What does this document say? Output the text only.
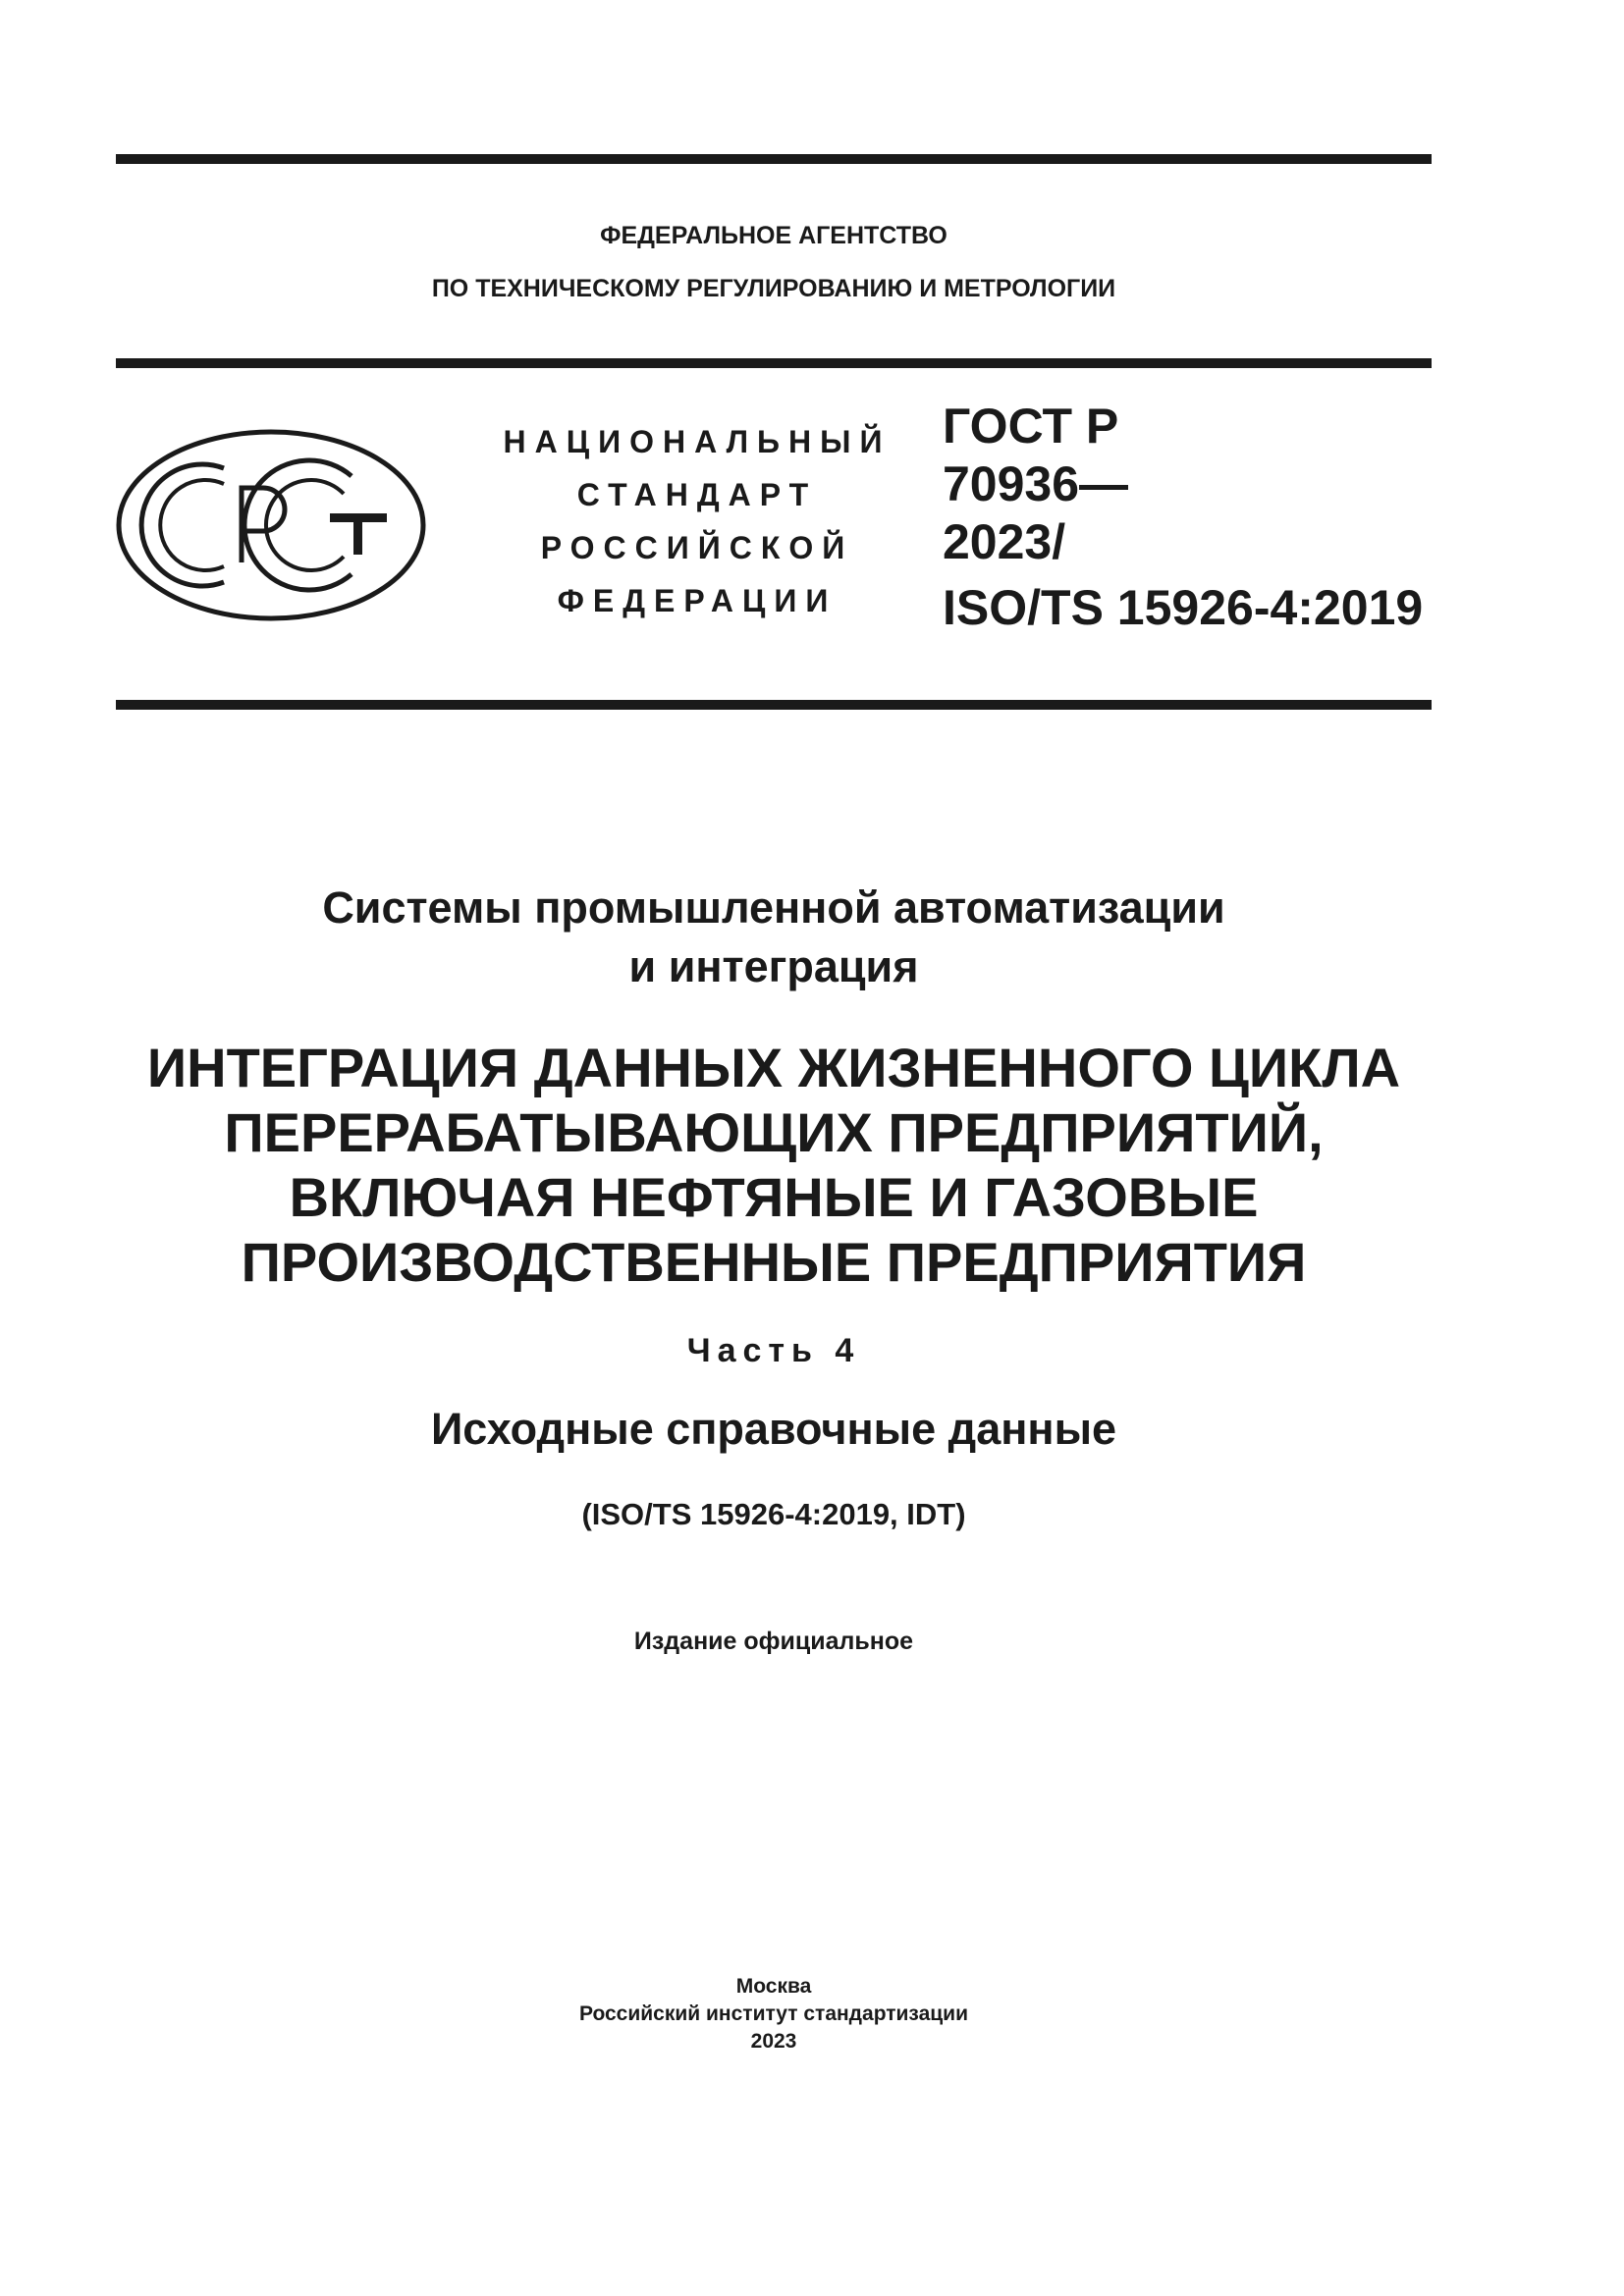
ФЕДЕРАЛЬНОЕ АГЕНТСТВО
ПО ТЕХНИЧЕСКОМУ РЕГУЛИРОВАНИЮ И МЕТРОЛОГИИ
НАЦИОНАЛЬНЫЙ
СТАНДАРТ
РОССИЙСКОЙ
ФЕДЕРАЦИИ
ГОСТ Р
70936—
2023/
ISO/TS 15926-4:2019
Системы промышленной автоматизации
и интеграция
ИНТЕГРАЦИЯ ДАННЫХ ЖИЗНЕННОГО ЦИКЛА
ПЕРЕРАБАТЫВАЮЩИХ ПРЕДПРИЯТИЙ,
ВКЛЮЧАЯ НЕФТЯНЫЕ И ГАЗОВЫЕ
ПРОИЗВОДСТВЕННЫЕ ПРЕДПРИЯТИЯ
Часть 4
Исходные справочные данные
(ISO/TS 15926-4:2019, IDT)
Издание официальное
Москва
Российский институт стандартизации
2023
